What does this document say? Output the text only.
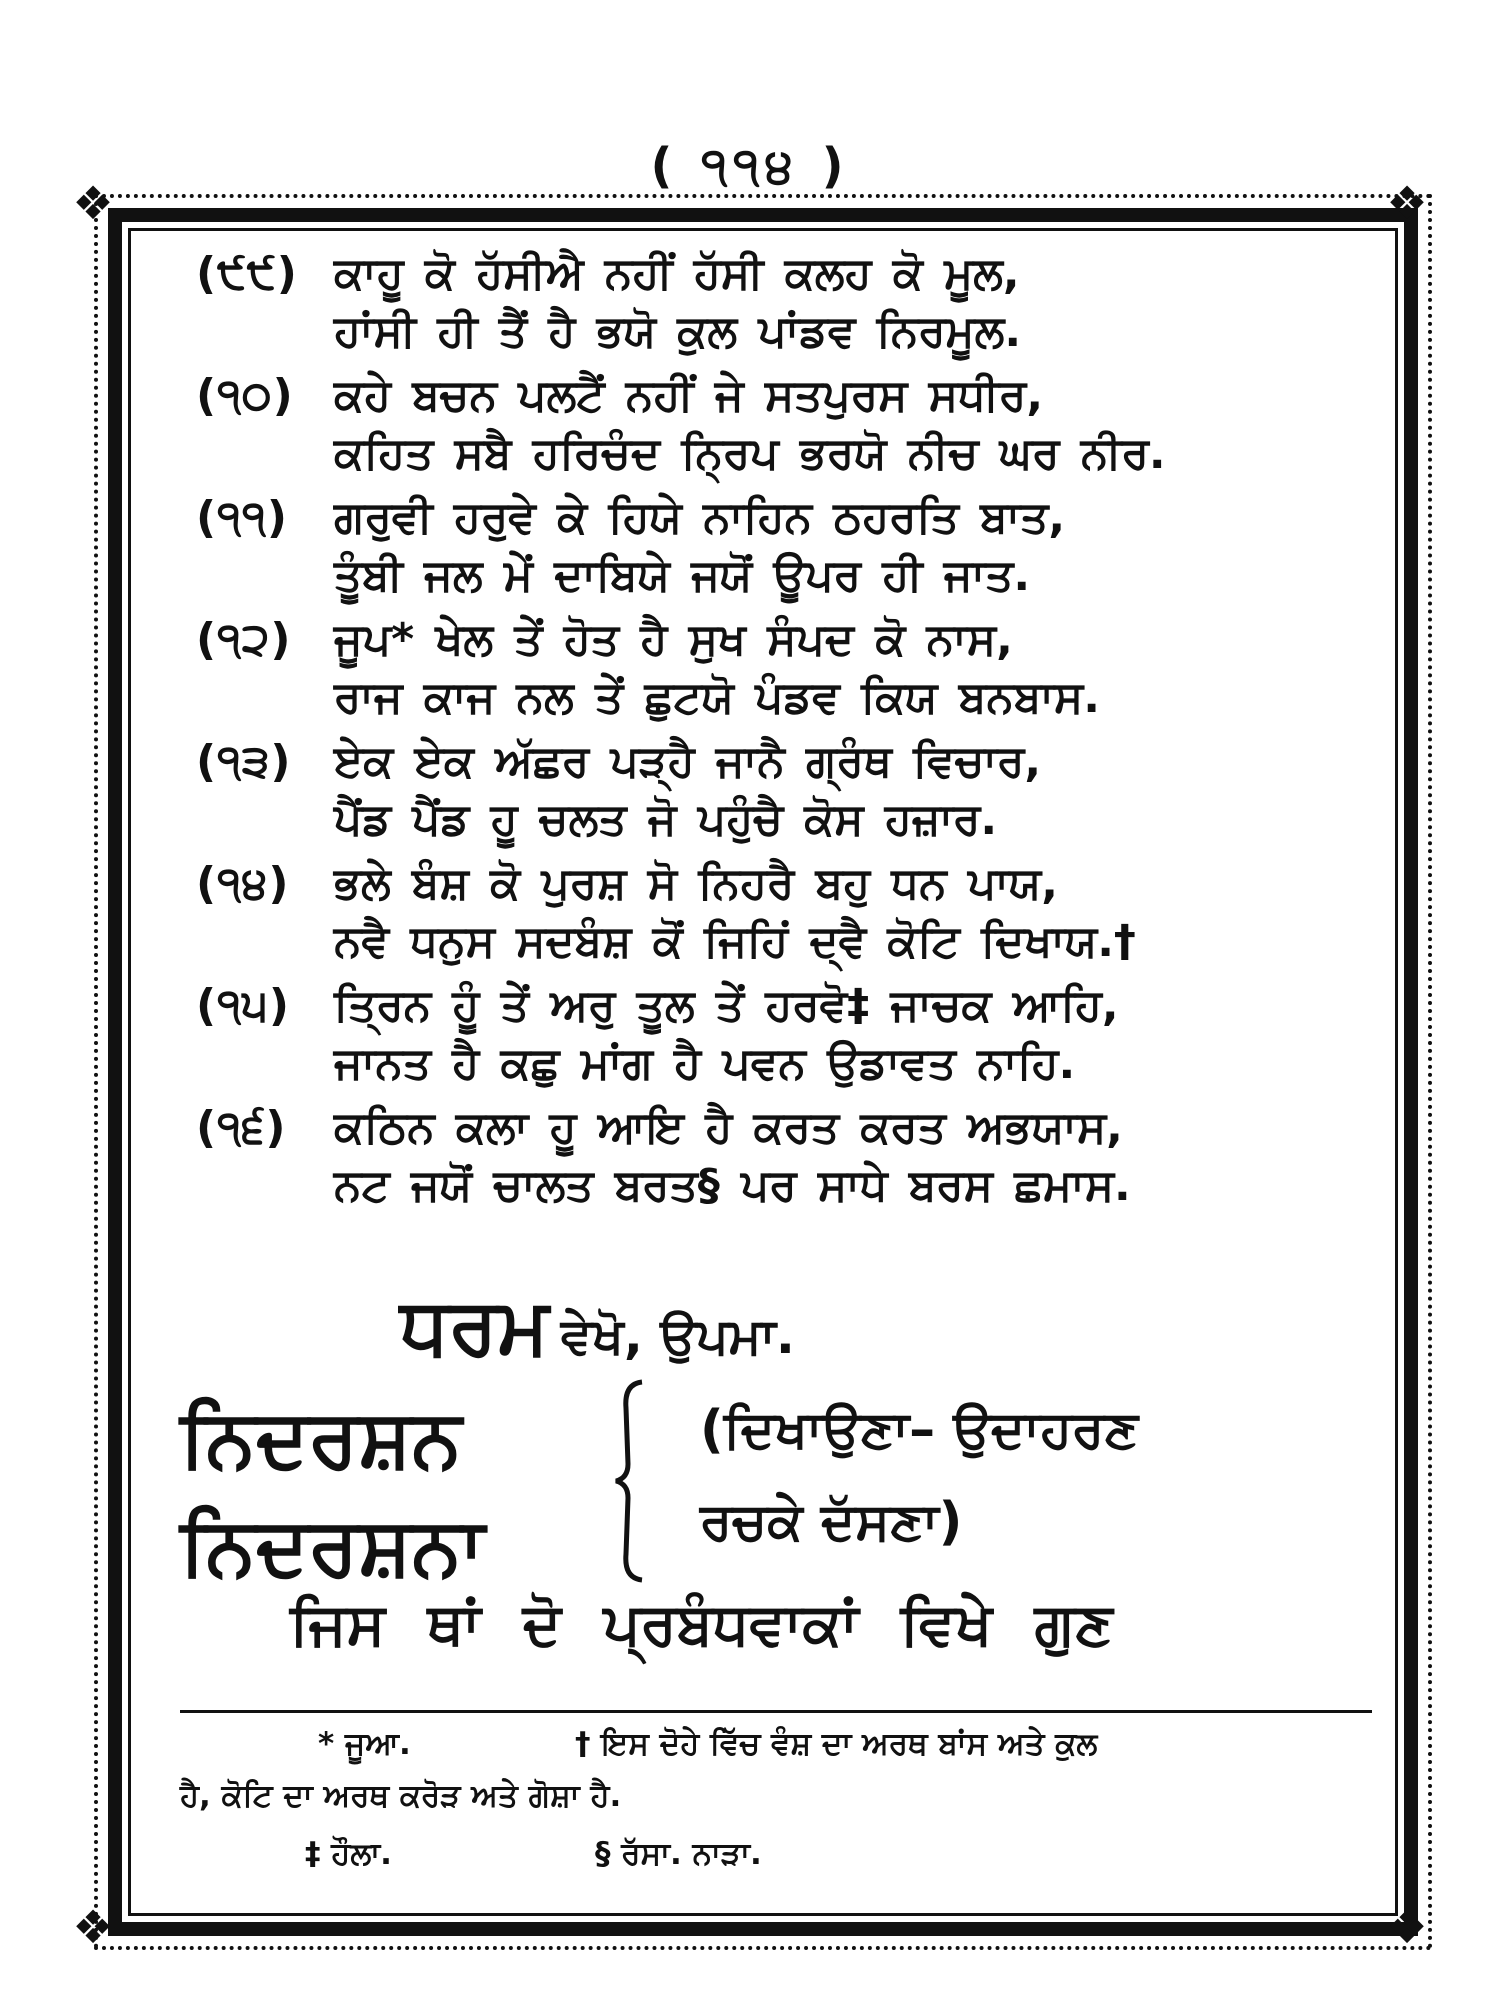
( ੧੧੪ )
❖	❖
❖	❖
(੯੯) ਕਾਹੂ ਕੋ ਹੱਸੀਐ ਨਹੀਂ ਹੱਸੀ ਕਲਹ ਕੋ ਮੂਲ,
ਹਾਂਸੀ ਹੀ ਤੈਂ ਹੈ ਭਯੋ ਕੁਲ ਪਾਂਡਵ ਨਿਰਮੂਲ.
(੧੦) ਕਹੇ ਬਚਨ ਪਲਟੈਂ ਨਹੀਂ ਜੇ ਸਤਪੁਰਸ ਸਧੀਰ,
ਕਹਿਤ ਸਬੈ ਹਰਿਚੰਦ ਨ੍ਰਿਪ ਭਰਯੋ ਨੀਚ ਘਰ ਨੀਰ.
(੧੧)	ਗਰੁਵੀ ਹਰੁਵੇ ਕੇ ਹਿਯੇ ਨਾਹਿਨ ਠਹਰਤਿ ਬਾਤ,
ਤੂੰਬੀ ਜਲ ਮੇਂ ਦਾਬਿਯੇ ਜਯੋਂ ਊਪਰ ਹੀ ਜਾਤ.
(੧੨) ਜੂਪ* ਖੇਲ ਤੇਂ ਹੋਤ ਹੈ ਸੁਖ ਸੰਪਦ ਕੋ ਨਾਸ,
ਰਾਜ ਕਾਜ ਨਲ ਤੇਂ ਛੁਟਯੋ ਪੰਡਵ ਕਿਯ ਬਨਬਾਸ.
(੧੩) ਏਕ ਏਕ ਅੱਛਰ ਪੜ੍ਹੈ ਜਾਨੈ ਗ੍ਰੰਥ ਵਿਚਾਰ,
ਪੈਂਡ ਪੈਂਡ ਹੂ ਚਲਤ ਜੋ ਪਹੁੰਚੈ ਕੋਸ ਹਜ਼ਾਰ.
(੧੪)	ਭਲੇ ਬੰਸ਼ ਕੋ ਪੁਰਸ਼ ਸੋ ਨਿਹਰੈ ਬਹੁ ਧਨ ਪਾਯ,
ਨਵੈ ਧਨੁਸ ਸਦਬੰਸ਼ ਕੋਂ ਜਿਹਿਂ ਦ੍ਵੈ ਕੋਟਿ ਦਿਖਾਯ.†
(੧੫) ਤ੍ਰਿਨ ਹੂੰ ਤੇਂ ਅਰੁ ਤੂਲ ਤੇਂ ਹਰਵੋ‡ ਜਾਚਕ ਆਹਿ,
ਜਾਨਤ ਹੈ ਕਛੁ ਮਾਂਗ ਹੈ ਪਵਨ ਉਡਾਵਤ ਨਾਹਿ.
(੧੬)	ਕਠਿਨ ਕਲਾ ਹੂ ਆਇ ਹੈ ਕਰਤ ਕਰਤ ਅਭਯਾਸ,
ਨਟ ਜਯੋਂ ਚਾਲਤ ਬਰਤ§ ਪਰ ਸਾਧੇ ਬਰਸ ਛਮਾਸ.
ਧਰਮ ਵੇਖੋ, ਉਪਮਾ.
ਨਿਦਰਸ਼ਨ
ਨਿਦਰਸ਼ਨਾ
(ਦਿਖਾਉਣਾ– ਉਦਾਹਰਣ
ਰਚਕੇ ਦੱਸਣਾ)
ਜਿਸ ਥਾਂ ਦੋ ਪ੍ਰਬੰਧਵਾਕਾਂ ਵਿਖੇ ਗੁਣ
* ਜੂਆ.	† ਇਸ ਦੋਹੇ ਵਿੱਚ ਵੰਸ਼ ਦਾ ਅਰਥ ਬਾਂਸ ਅਤੇ ਕੁਲ
ਹੈ, ਕੋਟਿ ਦਾ ਅਰਥ ਕਰੋੜ ਅਤੇ ਗੋਸ਼ਾ ਹੈ.
‡ ਹੌਲਾ.	§ ਰੱਸਾ. ਨਾੜਾ.
